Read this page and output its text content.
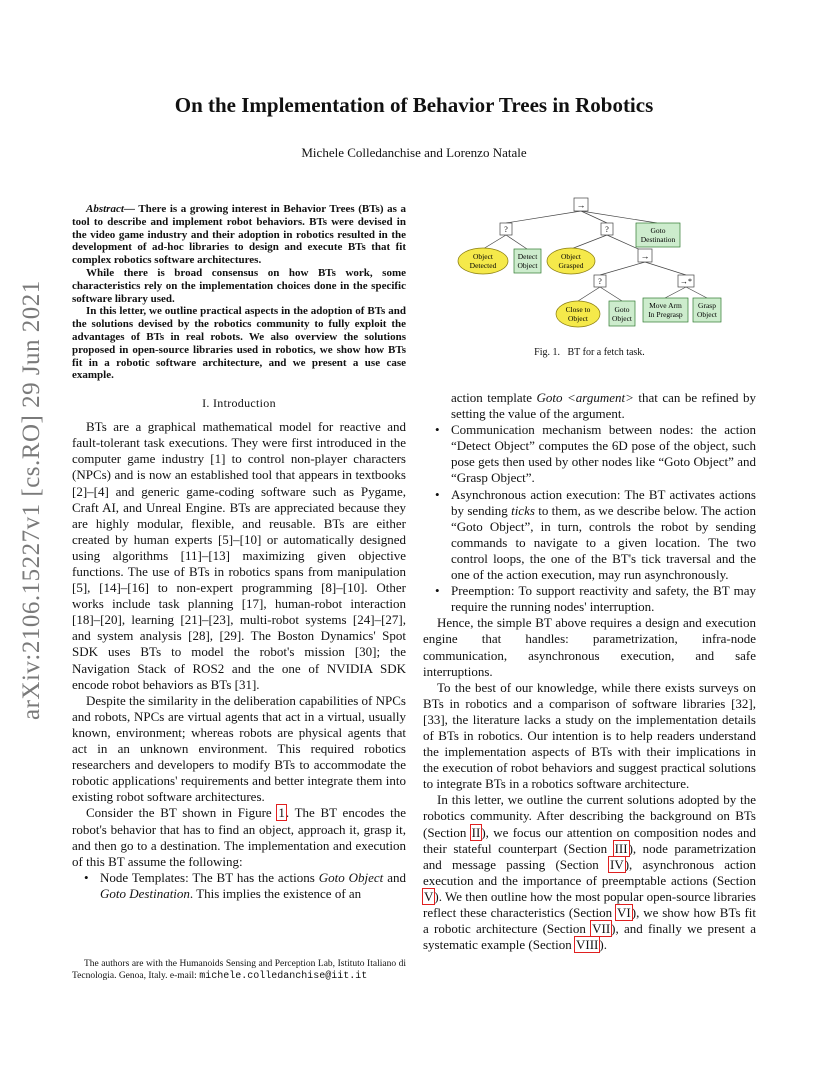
arXiv:2106.15227v1 [cs.RO] 29 Jun 2021
On the Implementation of Behavior Trees in Robotics
Michele Colledanchise and Lorenzo Natale

Abstract— There is a growing interest in Behavior Trees (BTs) as a tool to describe and implement robot behaviors. BTs were devised in the video game industry and their adoption in robotics resulted in the development of ad-hoc libraries to design and execute BTs that fit complex robotics software architectures.

While there is broad consensus on how BTs work, some characteristics rely on the implementation choices done in the specific software library used.

In this letter, we outline practical aspects in the adoption of BTs and the solutions devised by the robotics community to fully exploit the advantages of BTs in real robots. We also overview the solutions proposed in open-source libraries used in robotics, we show how BTs fit in a robotic software architecture, and we present a use case example.

I. Introduction

BTs are a graphical mathematical model for reactive and fault-tolerant task executions. They were first introduced in the computer game industry [1] to control non-player characters (NPCs) and is now an established tool that appears in textbooks [2]–[4] and generic game-coding software such as Pygame, Craft AI, and Unreal Engine. BTs are appreciated because they are highly modular, flexible, and reusable. BTs are either created by human experts [5]–[10] or automatically designed using algorithms [11]–[13] maximizing given objective functions. The use of BTs in robotics spans from manipulation [5], [14]–[16] to non-expert programming [8]–[10]. Other works include task planning [17], human-robot interaction [18]–[20], learning [21]–[23], multi-robot systems [24]–[27], and system analysis [28], [29]. The Boston Dynamics' Spot SDK uses BTs to model the robot's mission [30]; the Navigation Stack of ROS2 and the one of NVIDIA SDK encode robot behaviors as BTs [31].

Despite the similarity in the deliberation capabilities of NPCs and robots, NPCs are virtual agents that act in a virtual, usually known, environment; whereas robots are physical agents that act in an unknown environment. This required robotics researchers and developers to modify BTs to accommodate the robotic applications' requirements and better integrate them into existing robot software architectures.

Consider the BT shown in Figure 1. The BT encodes the robot's behavior that has to find an object, approach it, grasp it, and then go to a destination. The implementation and execution of this BT assume the following:

• Node Templates: The BT has the actions Goto Object and Goto Destination. This implies the existence of an
The authors are with the Humanoids Sensing and Perception Lab, Istituto Italiano di Tecnologia. Genoa, Italy. e-mail: michele.colledanchise@iit.it
→
?	?
→
?	→*
Object
Detected
Detect
Object
Object
Grasped
Goto
Destination
Close to
Object
Goto
Object
Move Arm
In Pregrasp
Grasp
Object
Fig. 1. BT for a fetch task.
action template Goto <argument> that can be refined by setting the value of the argument.
• Communication mechanism between nodes: the action “Detect Object” computes the 6D pose of the object, such pose gets then used by other nodes like “Goto Object” and “Grasp Object”.
• Asynchronous action execution: The BT activates actions by sending ticks to them, as we describe below. The action “Goto Object”, in turn, controls the robot by sending commands to navigate to a given location. The two control loops, the one of the BT's tick traversal and the one of the action execution, may run asynchronously.
• Preemption: To support reactivity and safety, the BT may require the running nodes' interruption.

Hence, the simple BT above requires a design and execution engine that handles: parametrization, infra-node communication, asynchronous execution, and safe interruptions.

To the best of our knowledge, while there exists surveys on BTs in robotics and a comparison of software libraries [32], [33], the literature lacks a study on the implementation details of BTs in robotics. Our intention is to help readers understand the implementation aspects of BTs with their implications in the execution of robot behaviors and suggest practical solutions to integrate BTs in a robotics software architecture.

In this letter, we outline the current solutions adopted by the robotics community. After describing the background on BTs (Section II), we focus our attention on composition nodes and their stateful counterpart (Section III), node parametrization and message passing (Section IV), asynchronous action execution and the importance of preemptable actions (Section V). We then outline how the most popular open-source libraries reflect these characteristics (Section VI), we show how BTs fit a robotic architecture (Section VII), and finally we present a systematic example (Section VIII).
